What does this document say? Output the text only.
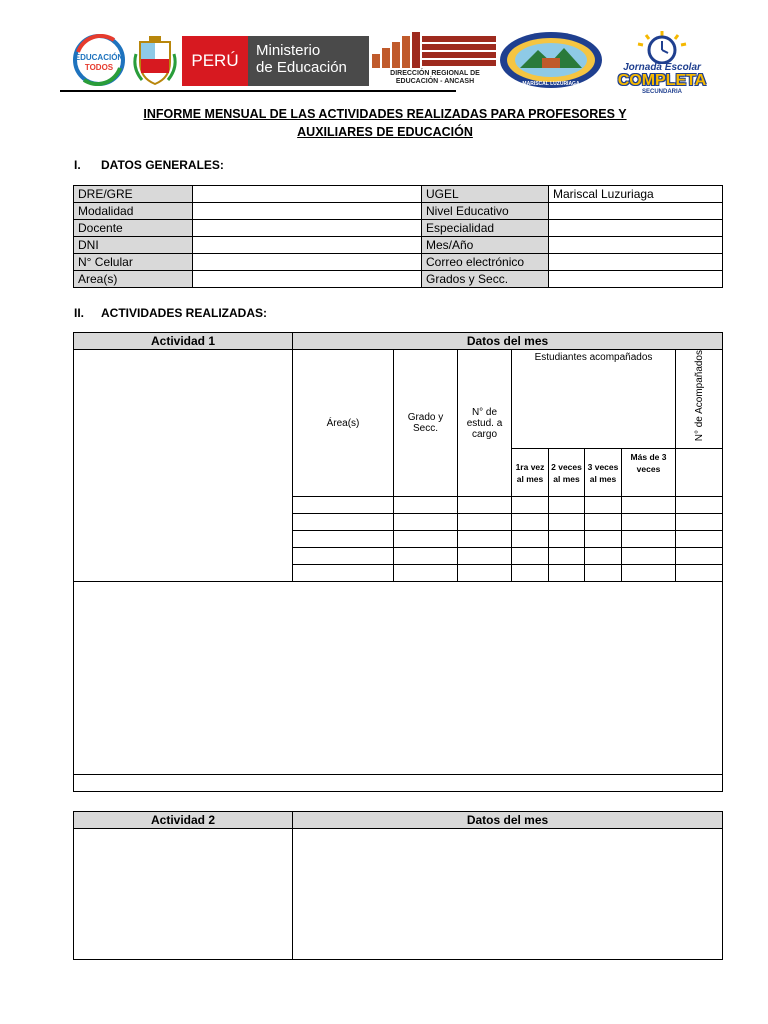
EDUCACIÓN
TODOS	PERÚ
Ministerio
de Educación	DIRECCIÓN REGIONAL DE
EDUCACIÓN - ANCASH	MARISCAL LUZURIAGA
Jornada Escolar
COMPLETA
SECUNDARIA
INFORME MENSUAL DE LAS ACTIVIDADES REALIZADAS PARA PROFESORES Y
AUXILIARES DE EDUCACIÓN
I. DATOS GENERALES:
DRE/GRE		UGEL	Mariscal Luzuriaga
Modalidad		Nivel Educativo	
Docente		Especialidad	
DNI		Mes/Año	
N° Celular		Correo electrónico	
Area(s)		Grados y Secc.	
II. ACTIVIDADES REALIZADAS:
Actividad 1	Datos del mes							
	Área(s)	Grado y Secc.	N° de estud. a cargo	Estudiantes acompañados				N° de Acompañados
				1ra vez al mes	2 veces al mes	3 veces al mes	Más de 3 veces	

Actividad 2	Datos del mes
